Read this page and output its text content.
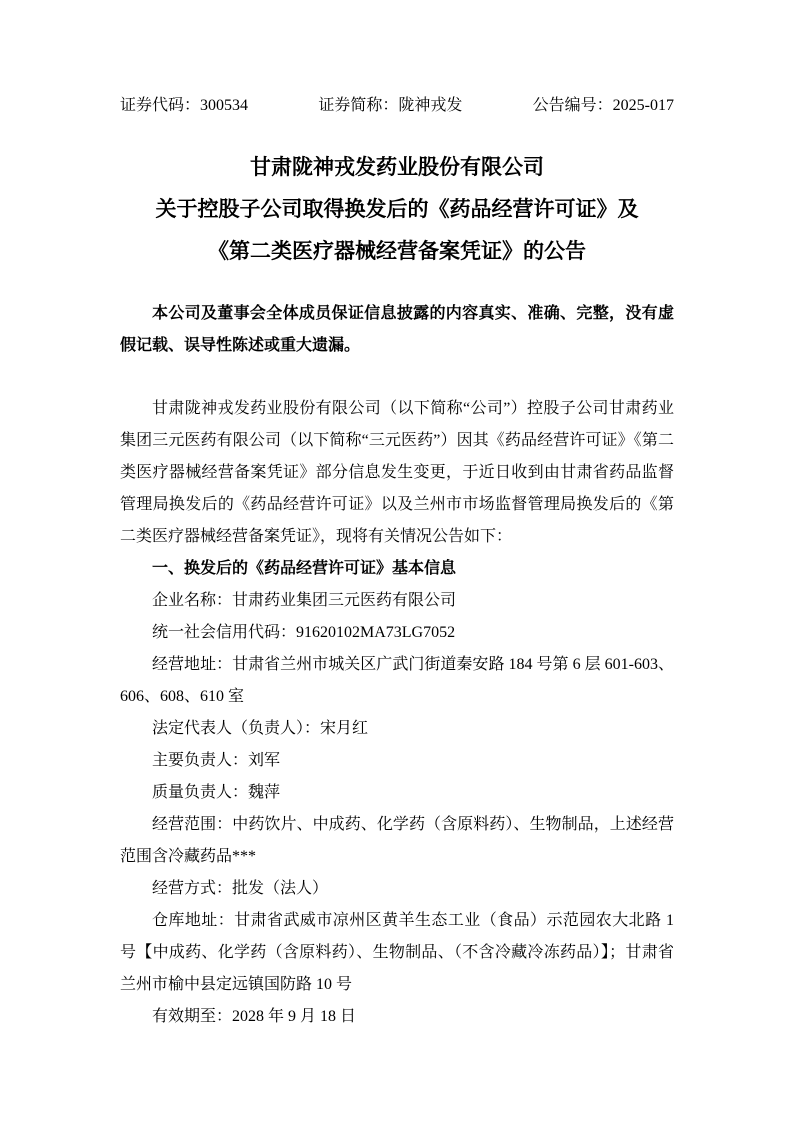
证券代码：300534	证券简称：陇神戎发	公告编号：2025-017
甘肃陇神戎发药业股份有限公司
关于控股子公司取得换发后的《药品经营许可证》及
《第二类医疗器械经营备案凭证》的公告

本公司及董事会全体成员保证信息披露的内容真实、准确、完整，没有虚假记载、误导性陈述或重大遗漏。

甘肃陇神戎发药业股份有限公司（以下简称“公司”）控股子公司甘肃药业集团三元医药有限公司（以下简称“三元医药”）因其《药品经营许可证》《第二类医疗器械经营备案凭证》部分信息发生变更，于近日收到由甘肃省药品监督管理局换发后的《药品经营许可证》以及兰州市市场监督管理局换发后的《第二类医疗器械经营备案凭证》，现将有关情况公告如下：

一、换发后的《药品经营许可证》基本信息

企业名称：甘肃药业集团三元医药有限公司

统一社会信用代码：91620102MA73LG7052

经营地址：甘肃省兰州市城关区广武门街道秦安路 184 号第 6 层 601-603、606、608、610 室

法定代表人（负责人）：宋月红

主要负责人：刘军

质量负责人：魏萍

经营范围：中药饮片、中成药、化学药（含原料药）、生物制品，上述经营范围含冷藏药品***

经营方式：批发（法人）

仓库地址：甘肃省武威市凉州区黄羊生态工业（食品）示范园农大北路 1 号【中成药、化学药（含原料药）、生物制品、（不含冷藏冷冻药品）】；甘肃省兰州市榆中县定远镇国防路 10 号

有效期至：2028 年 9 月 18 日
